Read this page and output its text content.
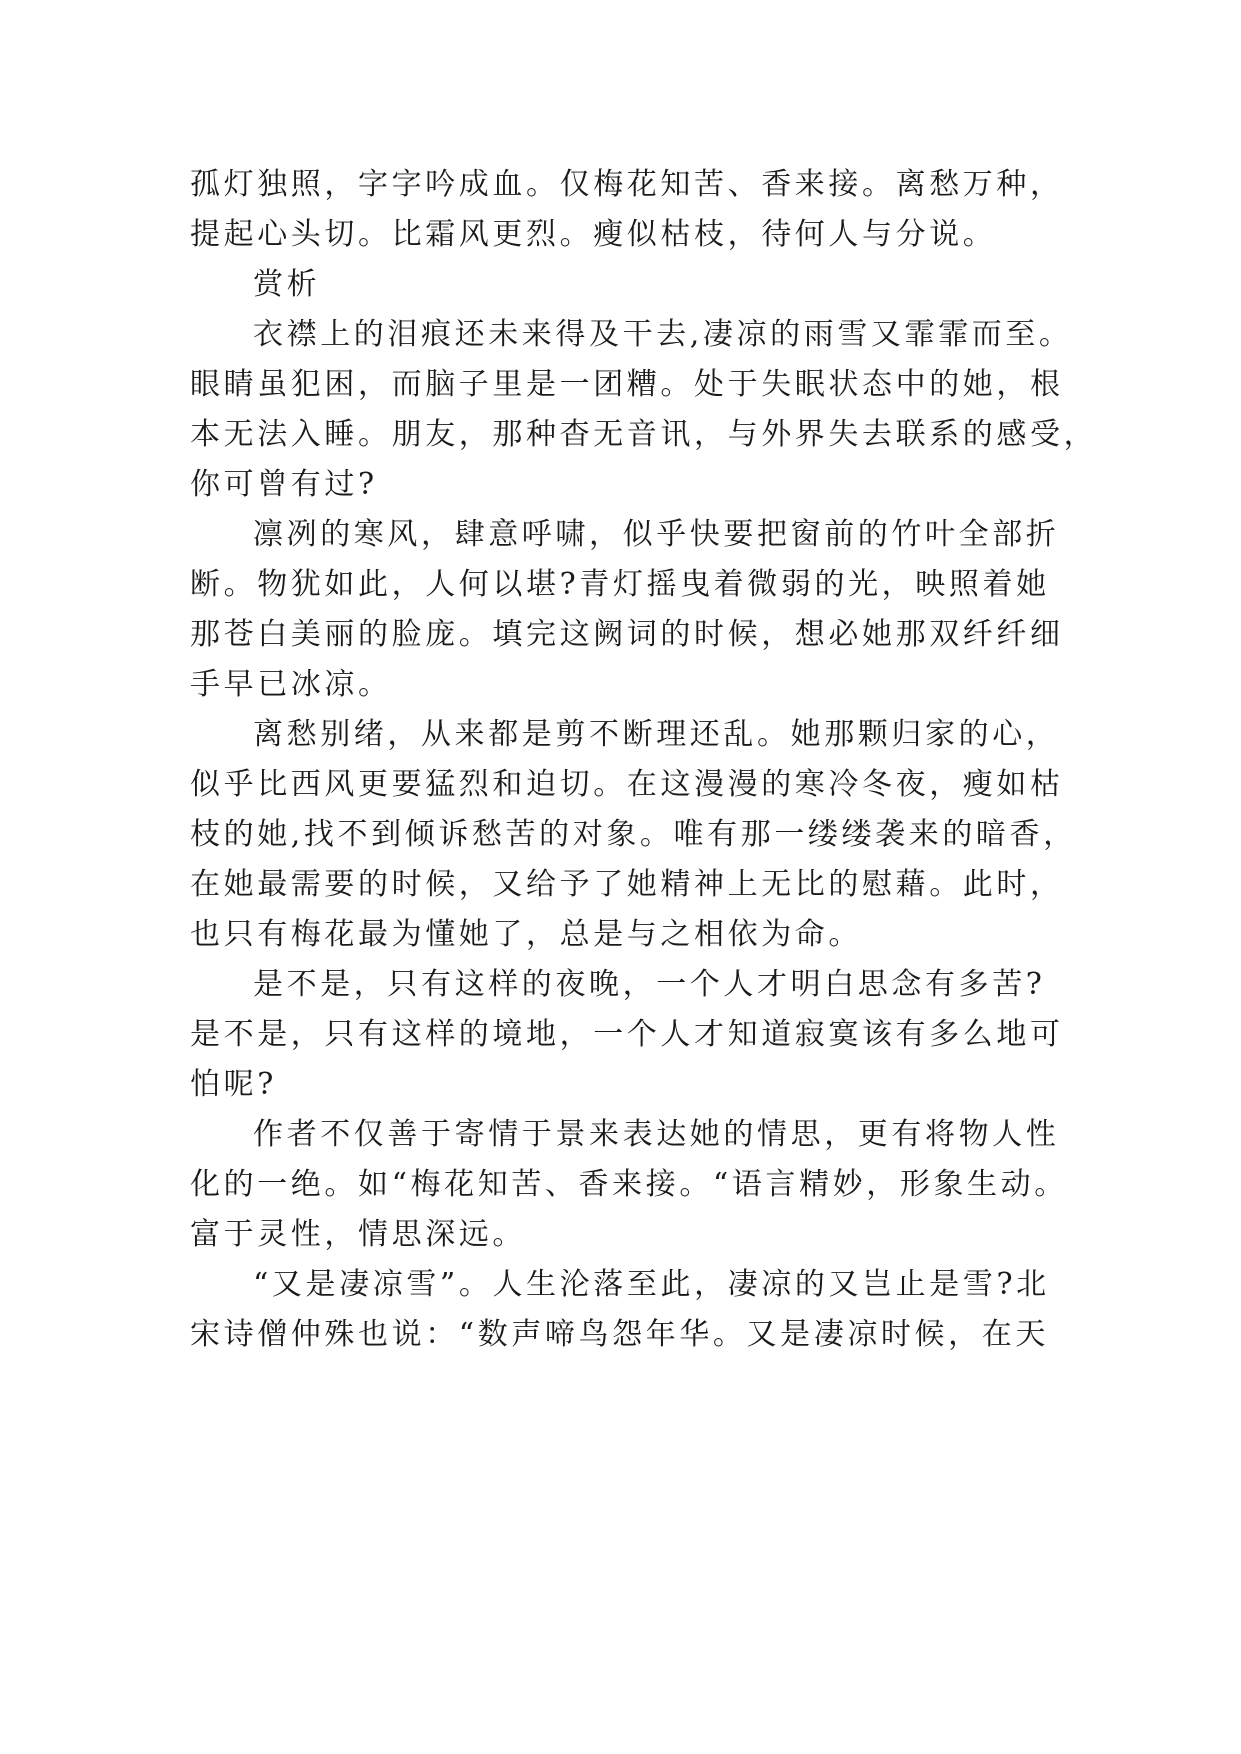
孤灯独照，字字吟成血。仅梅花知苦、香来接。离愁万种，
提起心头切。比霜风更烈。瘦似枯枝，待何人与分说。
赏析
衣襟上的泪痕还未来得及干去,凄凉的雨雪又霏霏而至。
眼睛虽犯困，而脑子里是一团糟。处于失眠状态中的她，根
本无法入睡。朋友，那种杳无音讯，与外界失去联系的感受，
你可曾有过?
凛冽的寒风，肆意呼啸，似乎快要把窗前的竹叶全部折
断。物犹如此，人何以堪?青灯摇曳着微弱的光，映照着她
那苍白美丽的脸庞。填完这阙词的时候，想必她那双纤纤细
手早已冰凉。
离愁别绪，从来都是剪不断理还乱。她那颗归家的心，
似乎比西风更要猛烈和迫切。在这漫漫的寒冷冬夜，瘦如枯
枝的她,找不到倾诉愁苦的对象。唯有那一缕缕袭来的暗香，
在她最需要的时候，又给予了她精神上无比的慰藉。此时，
也只有梅花最为懂她了，总是与之相依为命。
是不是，只有这样的夜晚，一个人才明白思念有多苦?
是不是，只有这样的境地，一个人才知道寂寞该有多么地可
怕呢?
作者不仅善于寄情于景来表达她的情思，更有将物人性
化的一绝。如“梅花知苦、香来接。“语言精妙，形象生动。
富于灵性，情思深远。
“又是凄凉雪”。人生沦落至此，凄凉的又岂止是雪?北
宋诗僧仲殊也说：“数声啼鸟怨年华。又是凄凉时候，在天
